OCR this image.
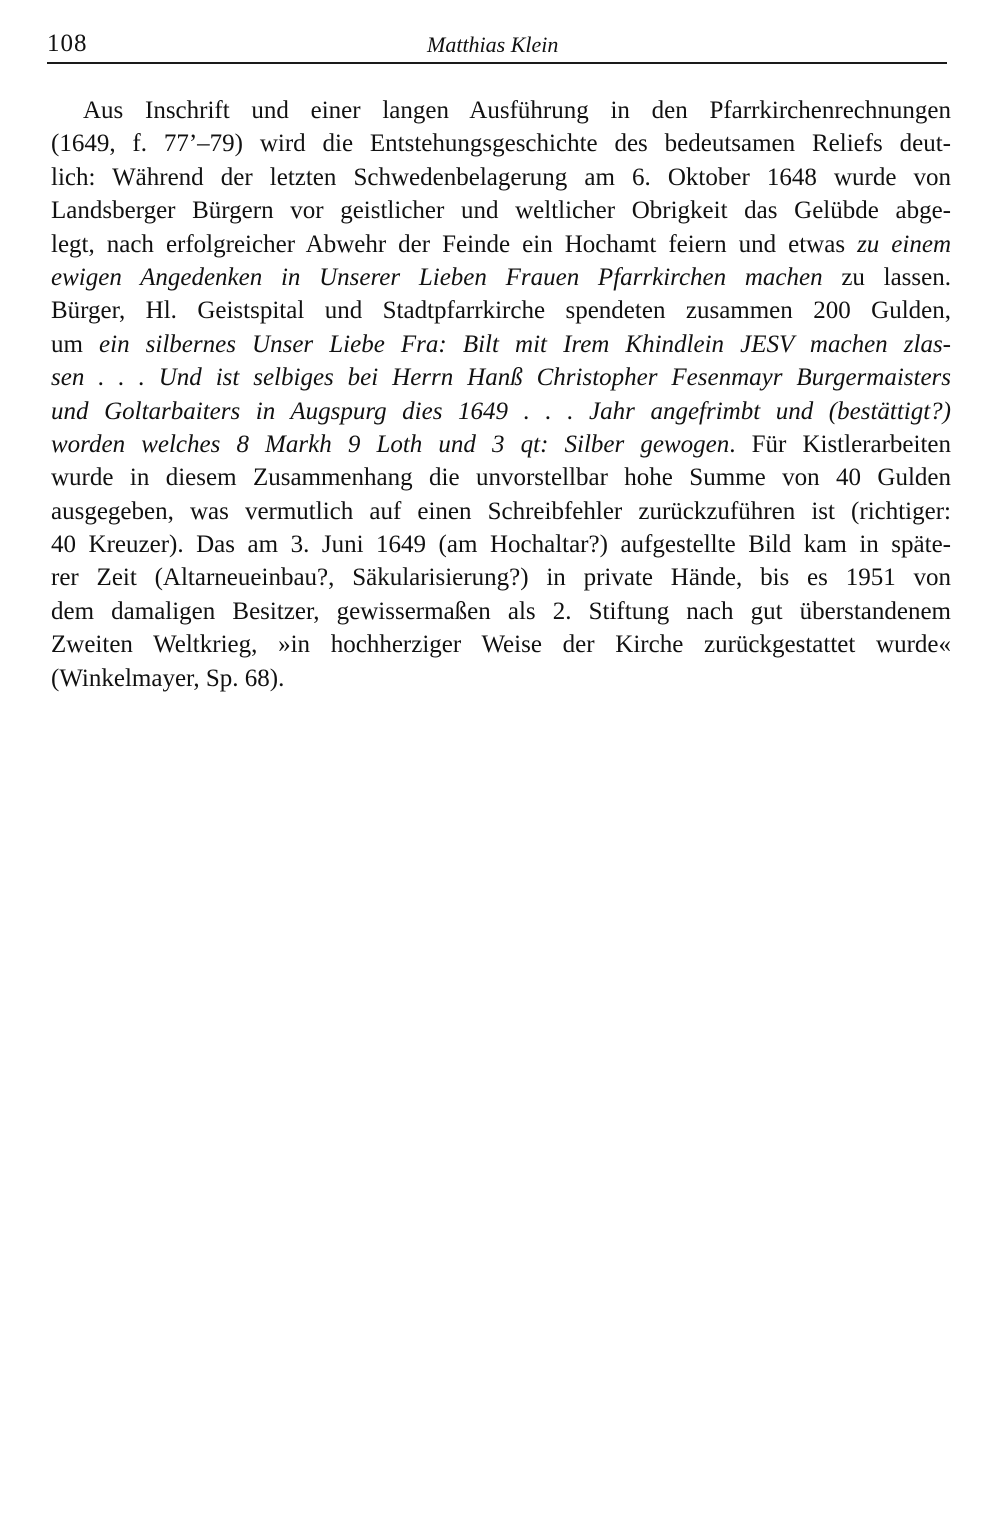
108	Matthias Klein

Aus Inschrift und einer langen Ausführung in den Pfarrkirchenrechnungen
(1649, f. 77’–79) wird die Entstehungsgeschichte des bedeutsamen Reliefs deut-
lich: Während der letzten Schwedenbelagerung am 6. Oktober 1648 wurde von
Landsberger Bürgern vor geistlicher und weltlicher Obrigkeit das Gelübde abge-
legt, nach erfolgreicher Abwehr der Feinde ein Hochamt feiern und etwas zu einem
ewigen Angedenken in Unserer Lieben Frauen Pfarrkirchen machen zu lassen.
Bürger, Hl. Geistspital und Stadtpfarrkirche spendeten zusammen 200 Gulden,
um ein silbernes Unser Liebe Fra: Bilt mit Irem Khindlein JESV machen zlas-
sen . . . Und ist selbiges bei Herrn Hanß Christopher Fesenmayr Burgermaisters
und Goltarbaiters in Augspurg dies 1649 . . . Jahr angefrimbt und (bestättigt?)
worden welches 8 Markh 9 Loth und 3 qt: Silber gewogen. Für Kistlerarbeiten
wurde in diesem Zusammenhang die unvorstellbar hohe Summe von 40 Gulden
ausgegeben, was vermutlich auf einen Schreibfehler zurückzuführen ist (richtiger:
40 Kreuzer). Das am 3. Juni 1649 (am Hochaltar?) aufgestellte Bild kam in späte-
rer Zeit (Altarneueinbau?, Säkularisierung?) in private Hände, bis es 1951 von
dem damaligen Besitzer, gewissermaßen als 2. Stiftung nach gut überstandenem
Zweiten Weltkrieg, »in hochherziger Weise der Kirche zurückgestattet wurde«
(Winkelmayer, Sp. 68).
